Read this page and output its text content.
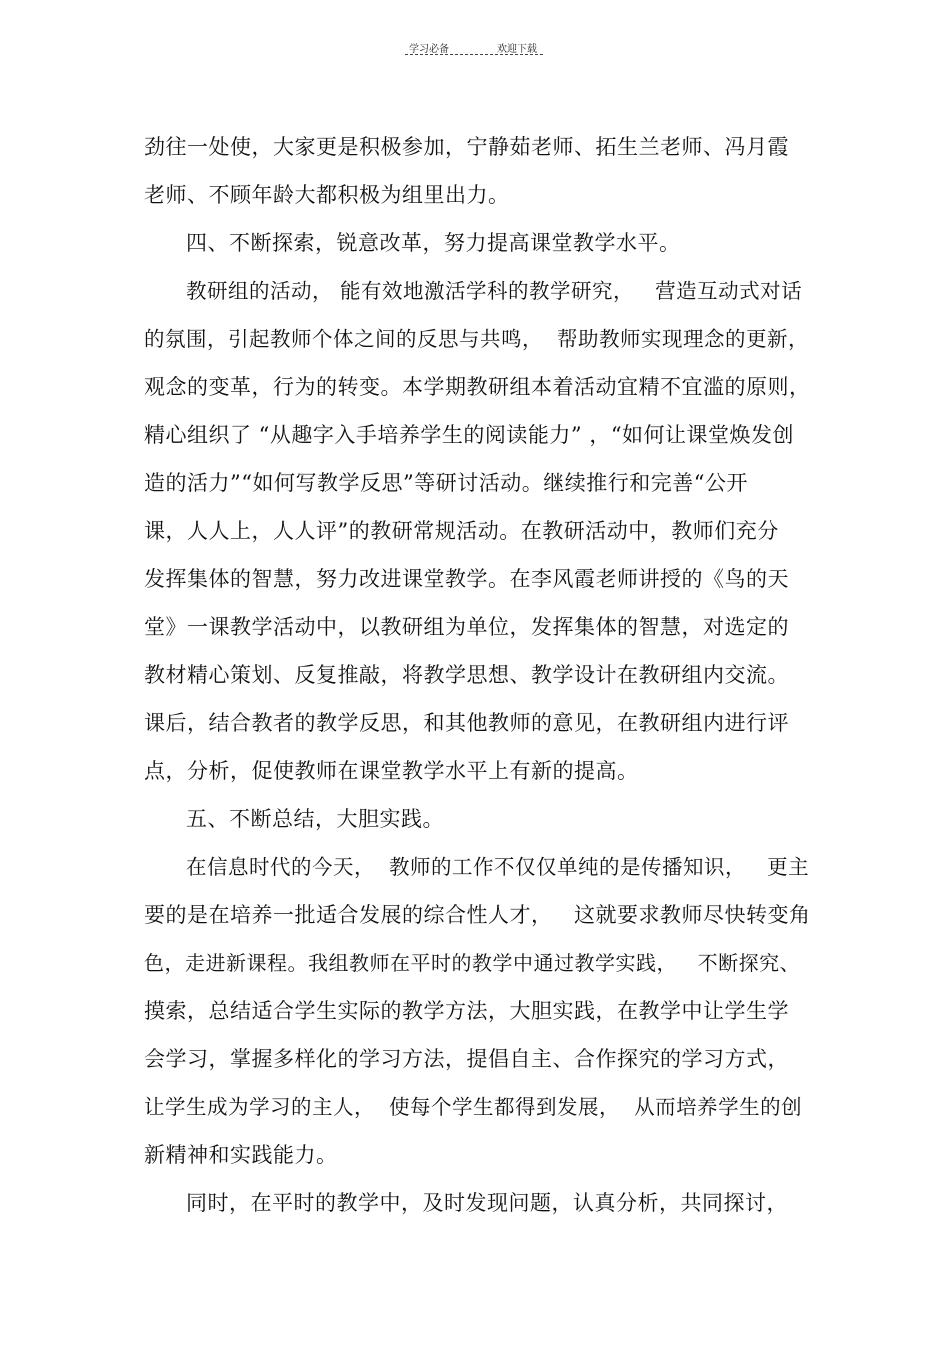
学习必备	欢迎下载
劲往一处使，大家更是积极参加，宁静茹老师、拓生兰老师、冯月霞
老师、不顾年龄大都积极为组里出力。
四、不断探索，锐意改革，努力提高课堂教学水平。
教研组的活动， 能有效地激活学科的教学研究，   营造互动式对话
的氛围，引起教师个体之间的反思与共鸣，  帮助教师实现理念的更新，
观念的变革，行为的转变。本学期教研组本着活动宜精不宜滥的原则，
精心组织了 “从趣字入手培养学生的阅读能力” ，“如何让课堂焕发创
造的活力”“如何写教学反思”等研讨活动。继续推行和完善“公开
课，人人上，人人评”的教研常规活动。在教研活动中，教师们充分
发挥集体的智慧，努力改进课堂教学。在李风霞老师讲授的《鸟的天
堂》一课教学活动中，以教研组为单位，发挥集体的智慧，对选定的
教材精心策划、反复推敲，将教学思想、教学设计在教研组内交流。
课后，结合教者的教学反思，和其他教师的意见，在教研组内进行评
点，分析，促使教师在课堂教学水平上有新的提高。
五、不断总结，大胆实践。
在信息时代的今天，  教师的工作不仅仅单纯的是传播知识，   更主
要的是在培养一批适合发展的综合性人才，   这就要求教师尽快转变角
色，走进新课程。我组教师在平时的教学中通过教学实践，   不断探究、
摸索，总结适合学生实际的教学方法，大胆实践，在教学中让学生学
会学习，掌握多样化的学习方法，提倡自主、合作探究的学习方式，
让学生成为学习的主人，  使每个学生都得到发展，  从而培养学生的创
新精神和实践能力。
同时，在平时的教学中，及时发现问题，认真分析，共同探讨，
